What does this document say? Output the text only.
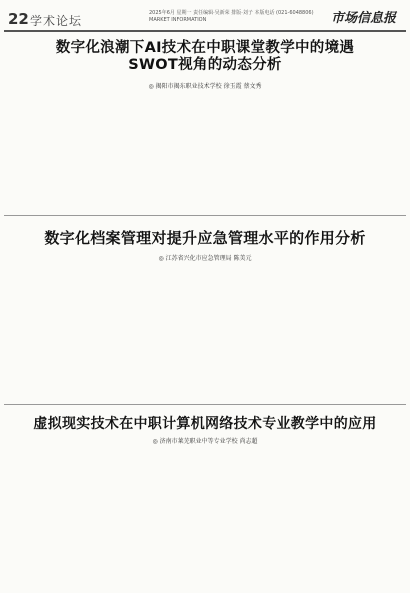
22 学术论坛
2025年6月 星期一 责任编辑·吴新荣 排版·刘子 本版电话 (021-6048806)
MARKET INFORMATION	市场信息报
数字化浪潮下AI技术在中职课堂教学中的境遇
SWOT视角的动态分析
◎ 揭阳市揭东职业技术学校 徐玉霞 蔡文秀
数字化档案管理对提升应急管理水平的作用分析
◎ 江苏省兴化市应急管理局 陈美元
虚拟现实技术在中职计算机网络技术专业教学中的应用
◎ 济南市莱芜职业中等专业学校 尚志超
